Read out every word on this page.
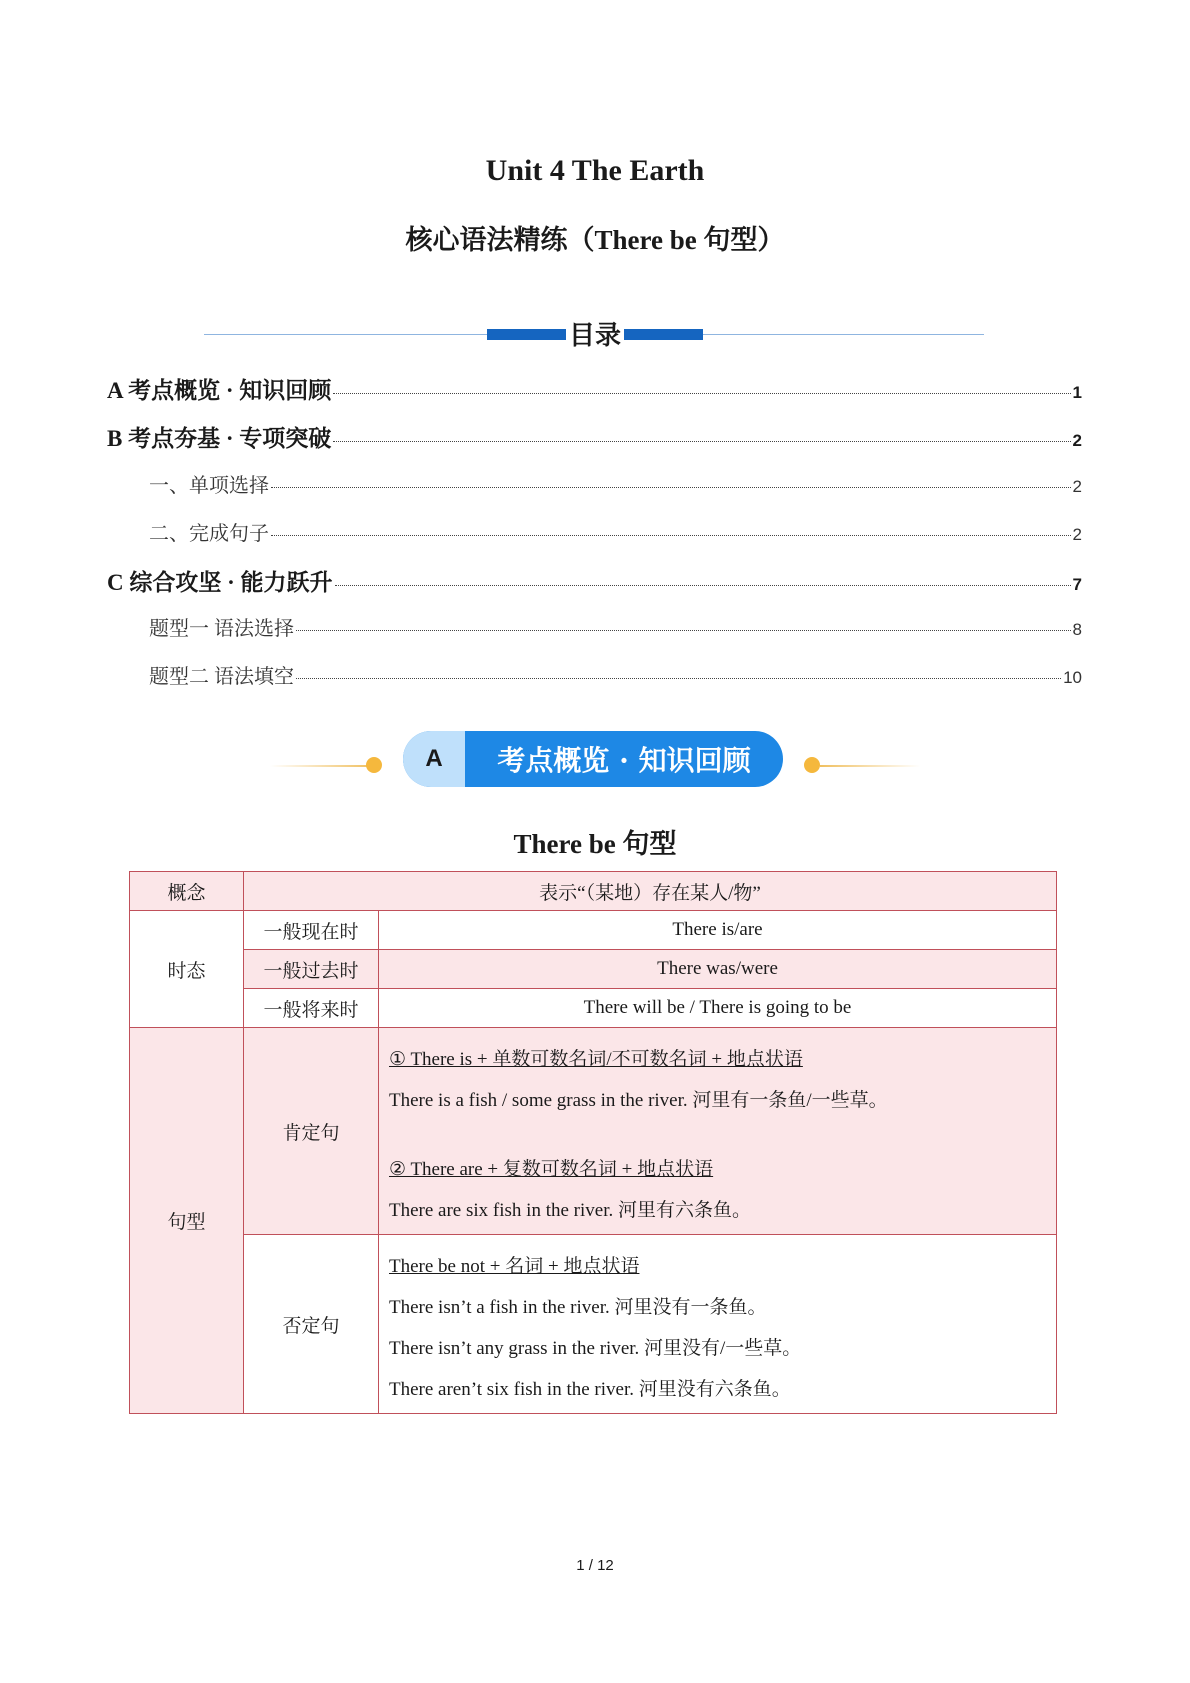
Unit 4 The Earth
核心语法精练（There be 句型）
目录
A 考点概览 · 知识回顾	1
B 考点夯基 · 专项突破	2
一、单项选择	2
二、完成句子	2
C 综合攻坚 · 能力跃升	7
题型一 语法选择	8
题型二 语法填空	10
A	考点概览 · 知识回顾
There be 句型
概念	表示“（某地）存在某人/物”	
时态	一般现在时	There is/are
	一般过去时	There was/were
	一般将来时	There will be / There is going to be
句型	肯定句	① There is + 单数可数名词/不可数名词 + 地点状语
There is a fish / some grass in the river. 河里有一条鱼/一些草。
② There are + 复数可数名词 + 地点状语
There are six fish in the river. 河里有六条鱼。

	否定句	There be not + 名词 + 地点状语
There isn’t a fish in the river. 河里没有一条鱼。
There isn’t any grass in the river. 河里没有/一些草。
There aren’t six fish in the river. 河里没有六条鱼。
1 / 12
